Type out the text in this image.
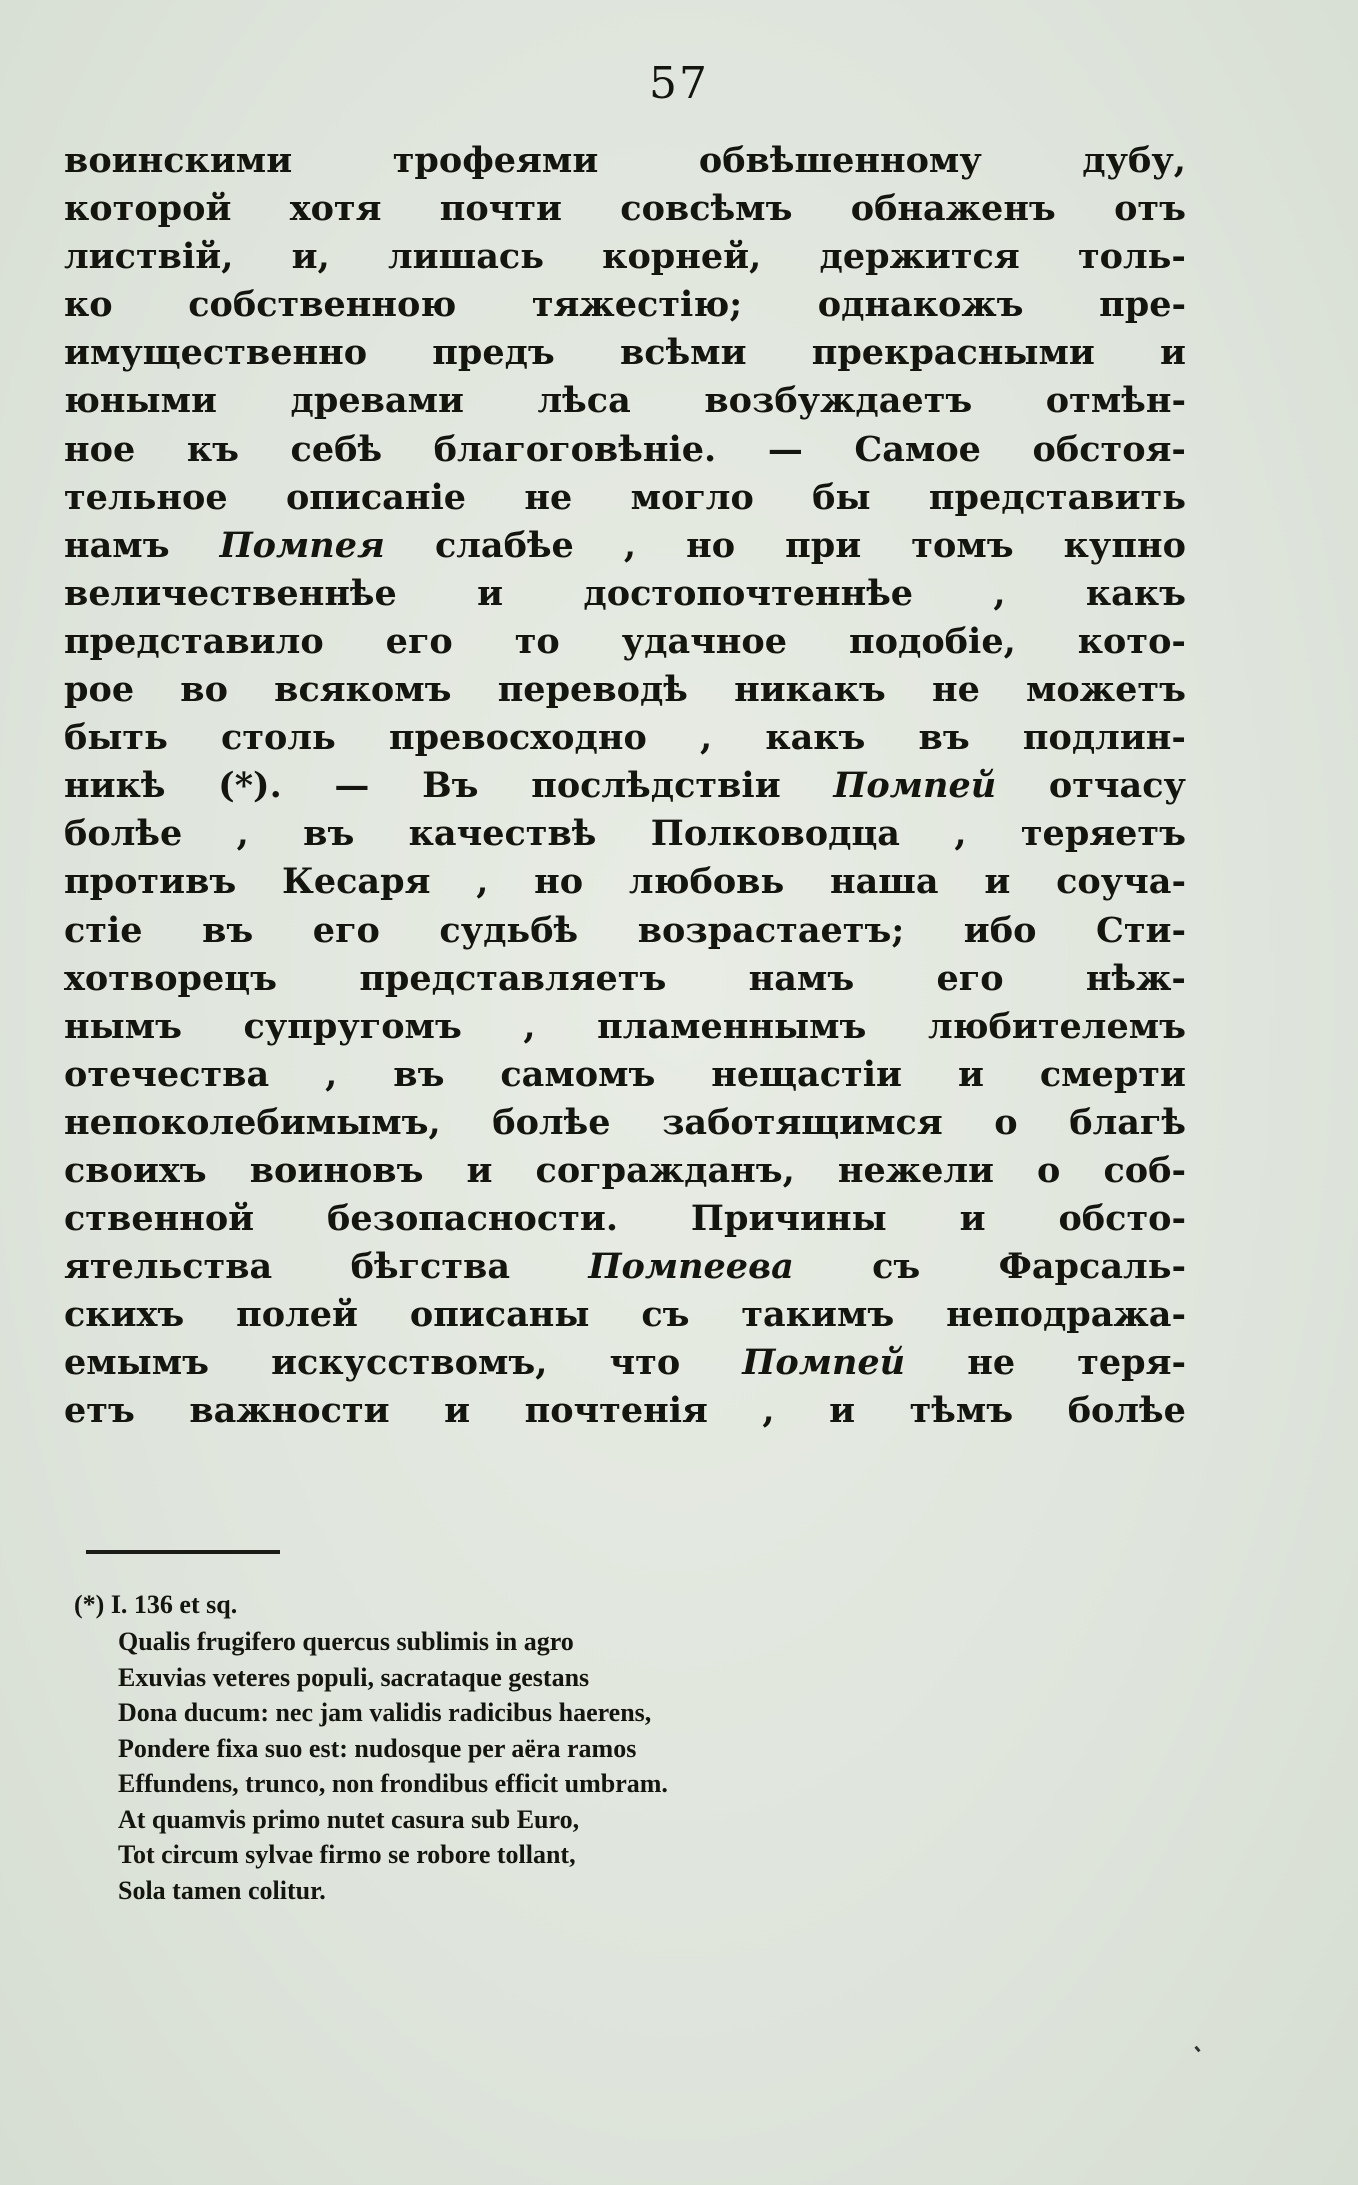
57
воинскими	трофеями	обвѣшенному	дубу,
которой хотя почти совсѣмъ обнаженъ отъ
листвій, и, лишась корней, держится толь-
ко собственною тяжестію; однакожъ пре-
имущественно предъ всѣми прекрасными и
юными древами лѣса возбуждаетъ отмѣн-
ное къ себѣ благоговѣніе. — Самое обстоя-
тельное описаніе не могло бы представить
намъ Помпея слабѣе , но при томъ купно
величественнѣе и достопочтеннѣе , какъ
представило его то удачное подобіе, кото-
рое во всякомъ переводѣ никакъ не можетъ
быть столь превосходно , какъ въ подлин-
никѣ (*). — Въ послѣдствіи Помпей отчасу
болѣе , въ качествѣ Полководца , теряетъ
противъ Кесаря , но любовь наша и соуча-
стіе въ его судьбѣ возрастаетъ; ибо Сти-
хотворецъ представляетъ намъ его нѣж-
нымъ супругомъ , пламеннымъ любителемъ
отечества , въ самомъ нещастіи и смерти
непоколебимымъ, болѣе заботящимся о благѣ
своихъ воиновъ и согражданъ, нежели о соб-
ственной безопасности. Причины и обсто-
ятельства бѣгства Помпеева съ Фарсаль-
скихъ полей описаны съ такимъ неподража-
емымъ искусствомъ, что Помпей не теря-
етъ важности и почтенія , и тѣмъ болѣе
(*) I. 136 et sq.
Qualis frugifero quercus sublimis in agro
Exuvias veteres populi, sacrataque gestans
Dona ducum: nec jam validis radicibus haerens,
Pondere fixa suo est: nudosque per aëra ramos
Effundens, trunco, non frondibus efficit umbram.
At quamvis primo nutet casura sub Euro,
Tot circum sylvae firmo se robore tollant,
Sola tamen colitur.
